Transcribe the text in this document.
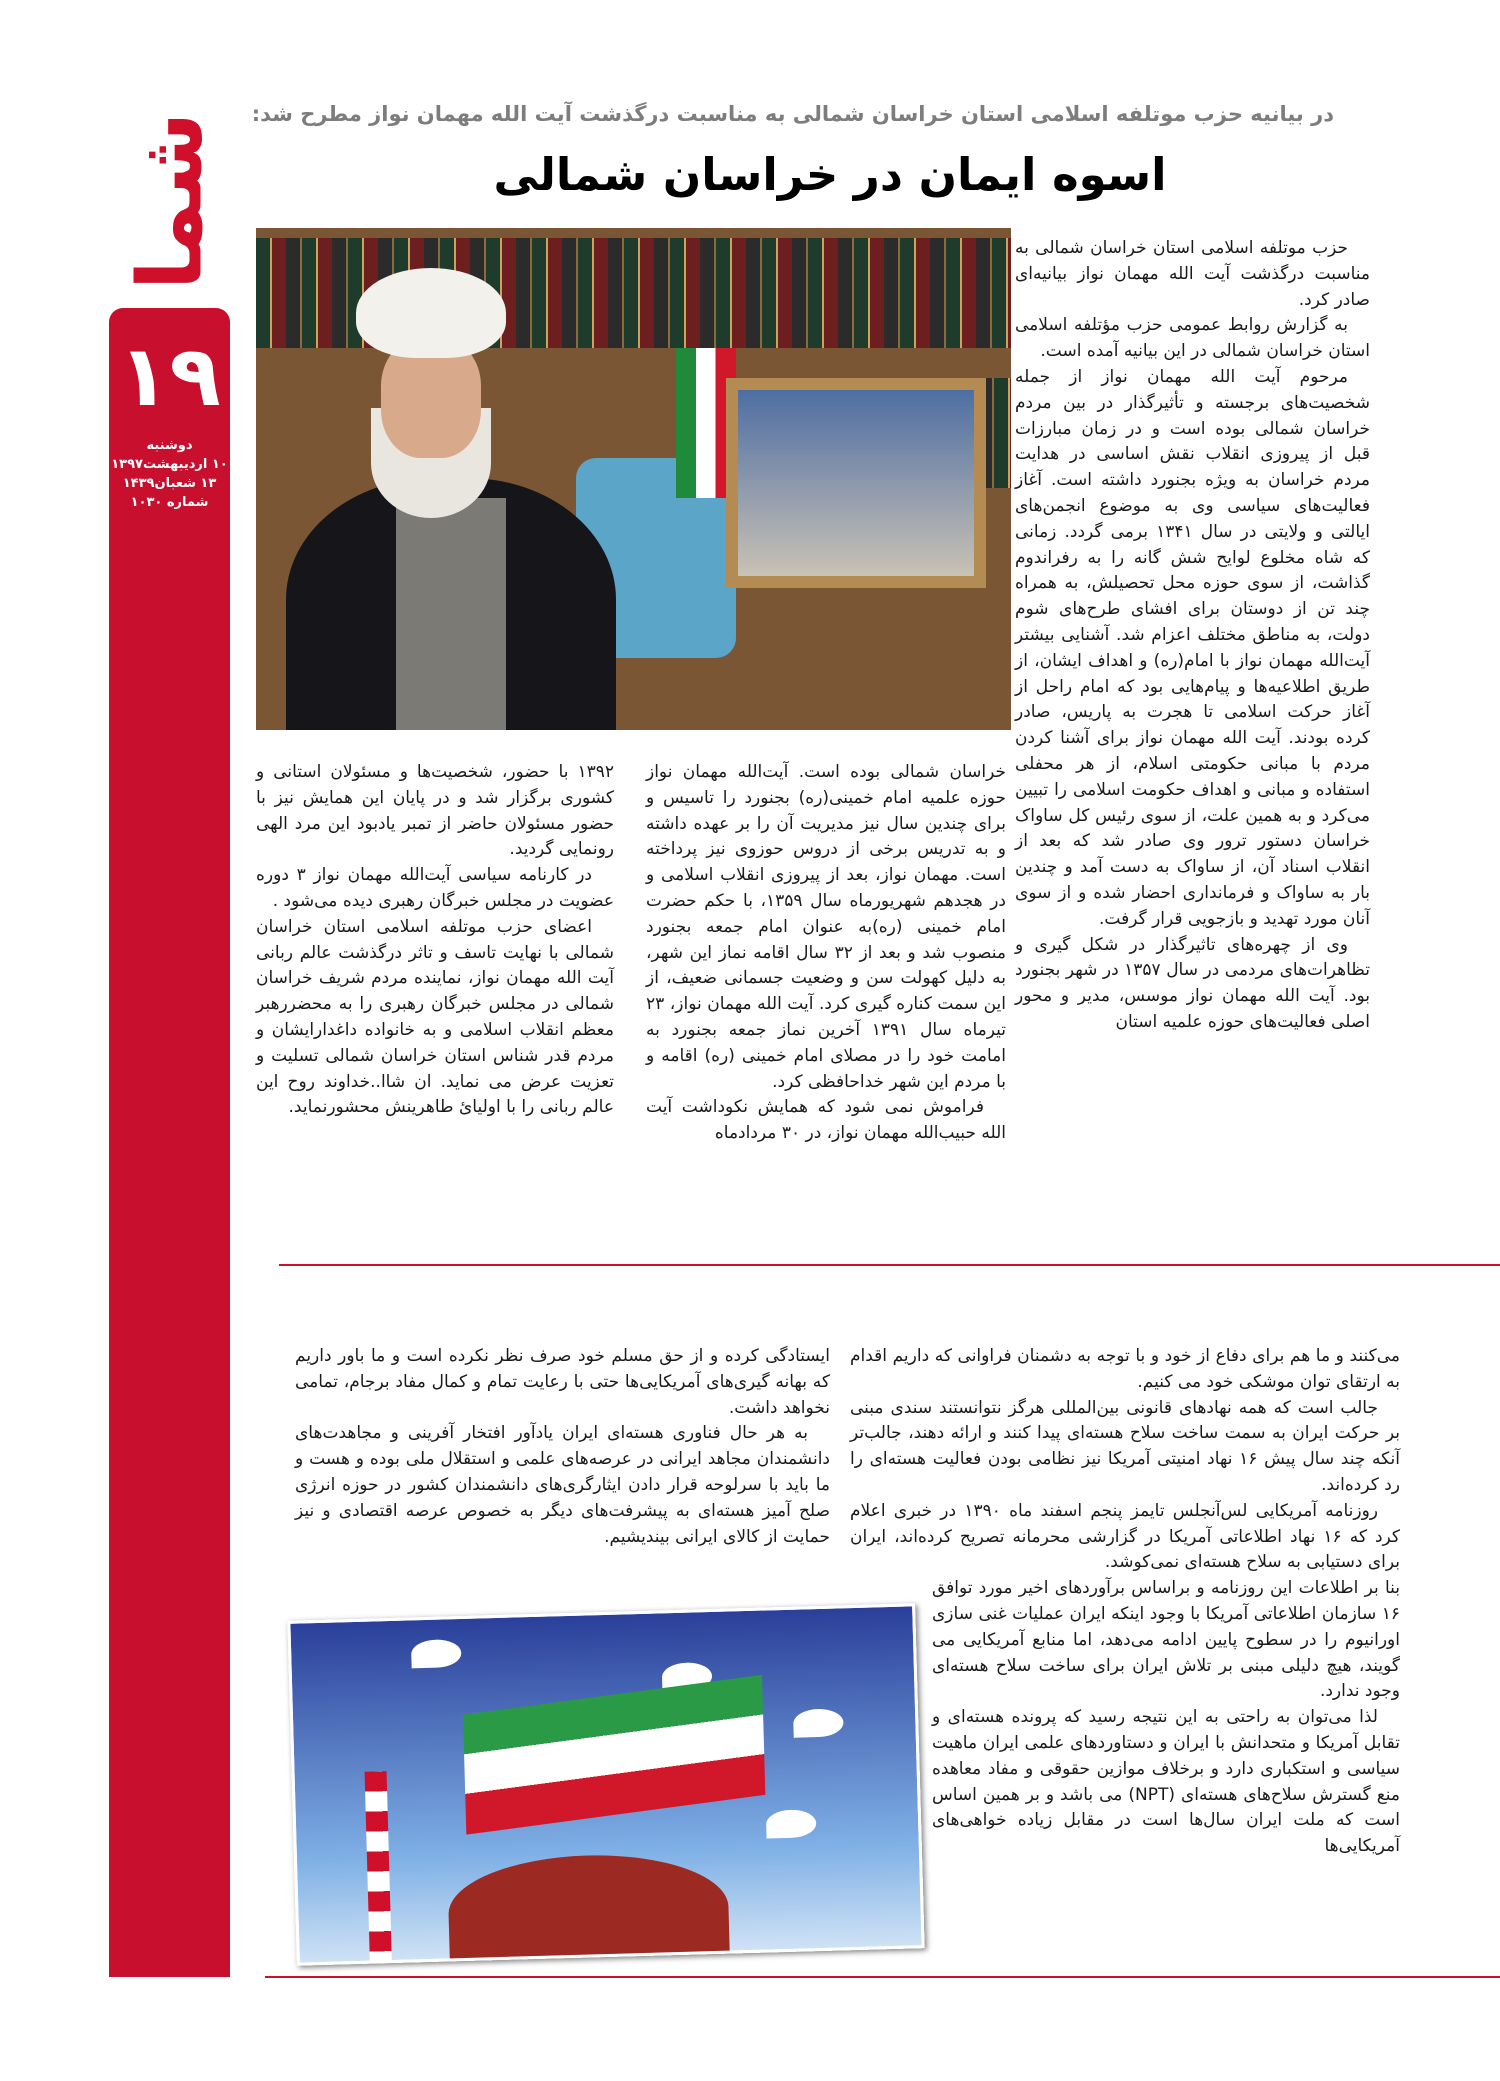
شما
۱۹
دوشنبه
۱۰ اردیبهشت۱۳۹۷
۱۳ شعبان۱۴۳۹
شماره ۱۰۳۰
در بیانیه حزب موتلفه اسلامی استان خراسان شمالی به مناسبت درگذشت آیت الله مهمان نواز مطرح شد:
اسوه ایمان در خراسان شمالی

حزب موتلفه اسلامی استان خراسان شمالی به مناسبت درگذشت آیت الله مهمان نواز بیانیه‌ای صادر کرد.

به گزارش روابط عمومی حزب مؤتلفه اسلامی استان خراسان شمالی در این بیانیه آمده است.

مرحوم آیت الله مهمان نواز از جمله شخصیت‌های برجسته و تأثیرگذار در بین مردم خراسان شمالی بوده است و در زمان مبارزات قبل از پیروزی انقلاب نقش اساسی در هدایت مردم خراسان به ویژه بجنورد داشته است. آغاز فعالیت‌های سیاسی وی به موضوع انجمن‌های ایالتی و ولایتی در سال ۱۳۴۱ برمی گردد. زمانی که شاه مخلوع لوایح شش گانه را به رفراندوم گذاشت، از سوی حوزه محل تحصیلش، به همراه چند تن از دوستان برای افشای طرح‌های شوم دولت، به مناطق مختلف اعزام شد. آشنایی بیشتر آیت‌الله مهمان نواز با امام(ره) و اهداف ایشان، از طریق اطلاعیه‌ها و پیام‌هایی بود که امام راحل از آغاز حرکت اسلامی تا هجرت به پاریس، صادر کرده بودند. آیت الله مهمان نواز برای آشنا کردن مردم با مبانی حکومتی اسلام، از هر محفلی استفاده و مبانی و اهداف حکومت اسلامی را تبیین می‌کرد و به همین علت، از سوی رئیس کل ساواک خراسان دستور ترور وی صادر شد که بعد از انقلاب اسناد آن، از ساواک به دست آمد و چندین بار به ساواک و فرمانداری احضار شده و از سوی آنان مورد تهدید و بازجویی قرار گرفت.

وی از چهره‌های تاثیرگذار در شکل گیری و تظاهرات‌های مردمی در سال ۱۳۵۷ در شهر بجنورد بود. آیت الله مهمان نواز موسس، مدیر و محور اصلی فعالیت‌های حوزه علمیه استان

خراسان شمالی بوده است. آیت‌الله مهمان نواز حوزه علمیه امام خمینی(ره) بجنورد را تاسیس و برای چندین سال نیز مدیریت آن را بر عهده داشته و به تدریس برخی از دروس حوزوی نیز پرداخته است. مهمان نواز، بعد از پیروزی انقلاب اسلامی و در هجدهم شهریورماه سال ۱۳۵۹، با حکم حضرت امام خمینی (ره)به عنوان امام جمعه بجنورد منصوب شد و بعد از ۳۲ سال اقامه نماز این شهر، به دلیل کهولت سن و وضعیت جسمانی ضعیف، از این سمت کناره گیری کرد. آیت الله مهمان نواز، ۲۳ تیرماه سال ۱۳۹۱ آخرین نماز جمعه بجنورد به امامت خود را در مصلای امام خمینی (ره) اقامه و با مردم این شهر خداحافظی کرد.

فراموش نمی شود که همایش نکوداشت آیت الله حبیب‌الله مهمان نواز، در ۳۰ مردادماه

۱۳۹۲ با حضور، شخصیت‌ها و مسئولان استانی و کشوری برگزار شد و در پایان این همایش نیز با حضور مسئولان حاضر از تمبر یادبود این مرد الهی رونمایی گردید.

در کارنامه سیاسی آیت‌الله مهمان نواز ۳ دوره عضویت در مجلس خبرگان رهبری دیده می‌شود .

اعضای حزب موتلفه اسلامی استان خراسان شمالی با نهایت تاسف و تاثر درگذشت عالم ربانی آیت الله مهمان نواز، نماینده مردم شریف خراسان شمالی در مجلس خبرگان رهبری را به محضررهبر معظم انقلاب اسلامی و به خانواده داغدارایشان و مردم قدر شناس استان خراسان شمالی تسلیت و تعزیت عرض می نماید. ان شاا..خداوند روح این عالم ربانی را با اولیائ طاهرینش محشورنماید.

می‌کنند و ما هم برای دفاع از خود و با توجه به دشمنان فراوانی که داریم اقدام به ارتقای توان موشکی خود می کنیم.

جالب است که همه نهادهای قانونی بین‌المللی هرگز نتوانستند سندی مبنی بر حرکت ایران به سمت ساخت سلاح هسته‌ای پیدا کنند و ارائه دهند، جالب‌تر آنکه چند سال پیش ۱۶ نهاد امنیتی آمریکا نیز نظامی بودن فعالیت هسته‌ای را رد کرده‌اند.

روزنامه آمریکایی لس‌آنجلس تایمز پنجم اسفند ماه ۱۳۹۰ در خبری اعلام کرد که ۱۶ نهاد اطلاعاتی آمریکا در گزارشی محرمانه تصریح کرده‌اند، ایران برای دستیابی به سلاح هسته‌ای نمی‌کوشد.

بنا بر اطلاعات این روزنامه و براساس برآوردهای اخیر مورد توافق ۱۶ سازمان اطلاعاتی آمریکا با وجود اینکه ایران عملیات غنی سازی اورانیوم را در سطوح پایین ادامه می‌دهد، اما منابع آمریکایی می گویند، هیچ دلیلی مبنی بر تلاش ایران برای ساخت سلاح هسته‌ای وجود ندارد.

لذا می‌توان به راحتی به این نتیجه رسید که پرونده هسته‌ای و تقابل آمریکا و متحدانش با ایران و دستاوردهای علمی ایران ماهیت سیاسی و استکباری دارد و برخلاف موازین حقوقی و مفاد معاهده منع گسترش سلاح‌های هسته‌ای (NPT) می باشد و بر همین اساس است که ملت ایران سال‌ها است در مقابل زیاده خواهی‌های آمریکایی‌ها

ایستادگی کرده و از حق مسلم خود صرف نظر نکرده است و ما باور داریم که بهانه گیری‌های آمریکایی‌ها حتی با رعایت تمام و کمال مفاد برجام، تمامی نخواهد داشت.

به هر حال فناوری هسته‌ای ایران یادآور افتخار آفرینی و مجاهدت‌های دانشمندان مجاهد ایرانی در عرصه‌های علمی و استقلال ملی بوده و هست و ما باید با سرلوحه قرار دادن ایثارگری‌های دانشمندان کشور در حوزه انرژی صلح آمیز هسته‌ای به پیشرفت‌های دیگر به خصوص عرصه اقتصادی و نیز حمایت از کالای ایرانی بیندیشیم.
